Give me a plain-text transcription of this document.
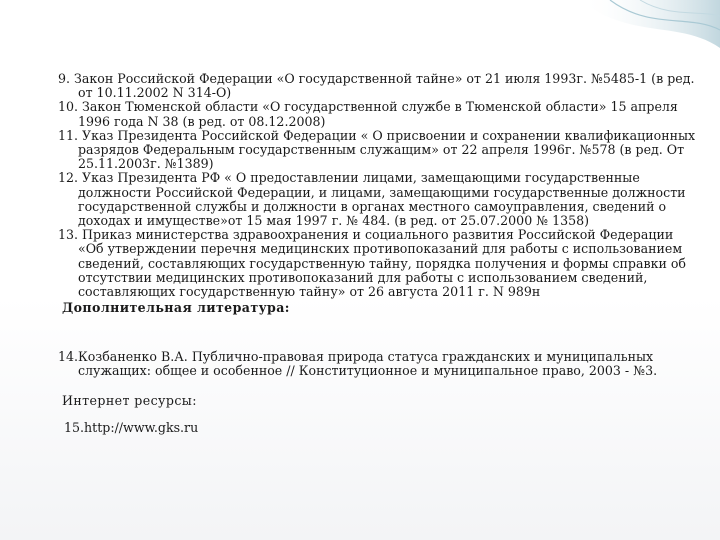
9. Закон Российской Федерации «О государственной тайне» от 21 июля 1993г. №5485-1 (в ред. от 10.11.2002 N 314-О)

10. Закон Тюменской области «О государственной службе в Тюменской области» 15 апреля 1996 года N 38 (в ред. от 08.12.2008)

11. Указ Президента Российской Федерации « О присвоении и сохранении квалификационных разрядов Федеральным государственным служащим» от 22 апреля 1996г. №578 (в ред. От 25.11.2003г. №1389)

12. Указ Президента РФ « О предоставлении лицами, замещающими государственные должности Российской Федерации, и лицами, замещающими государственные должности государственной службы и должности в органах местного самоуправления, сведений о доходах и имуществе»от 15 мая 1997 г. № 484. (в ред. от 25.07.2000 № 1358)

13. Приказ министерства здравоохранения и социального развития Российской Федерации «Об утверждении перечня медицинских противопоказаний для работы с использованием сведений, составляющих государственную тайну, порядка получения и формы справки об отсутствии медицинских противопоказаний для работы с использованием сведений, составляющих государственную тайну» от 26 августа 2011 г. N 989н

Дополнительная литература:

14.Козбаненко В.А. Публично-правовая природа статуса гражданских и муниципальных служащих: общее и особенное // Конституционное и муниципальное право, 2003 - №3.

Интернет ресурсы:

15.http://www.gks.ru
